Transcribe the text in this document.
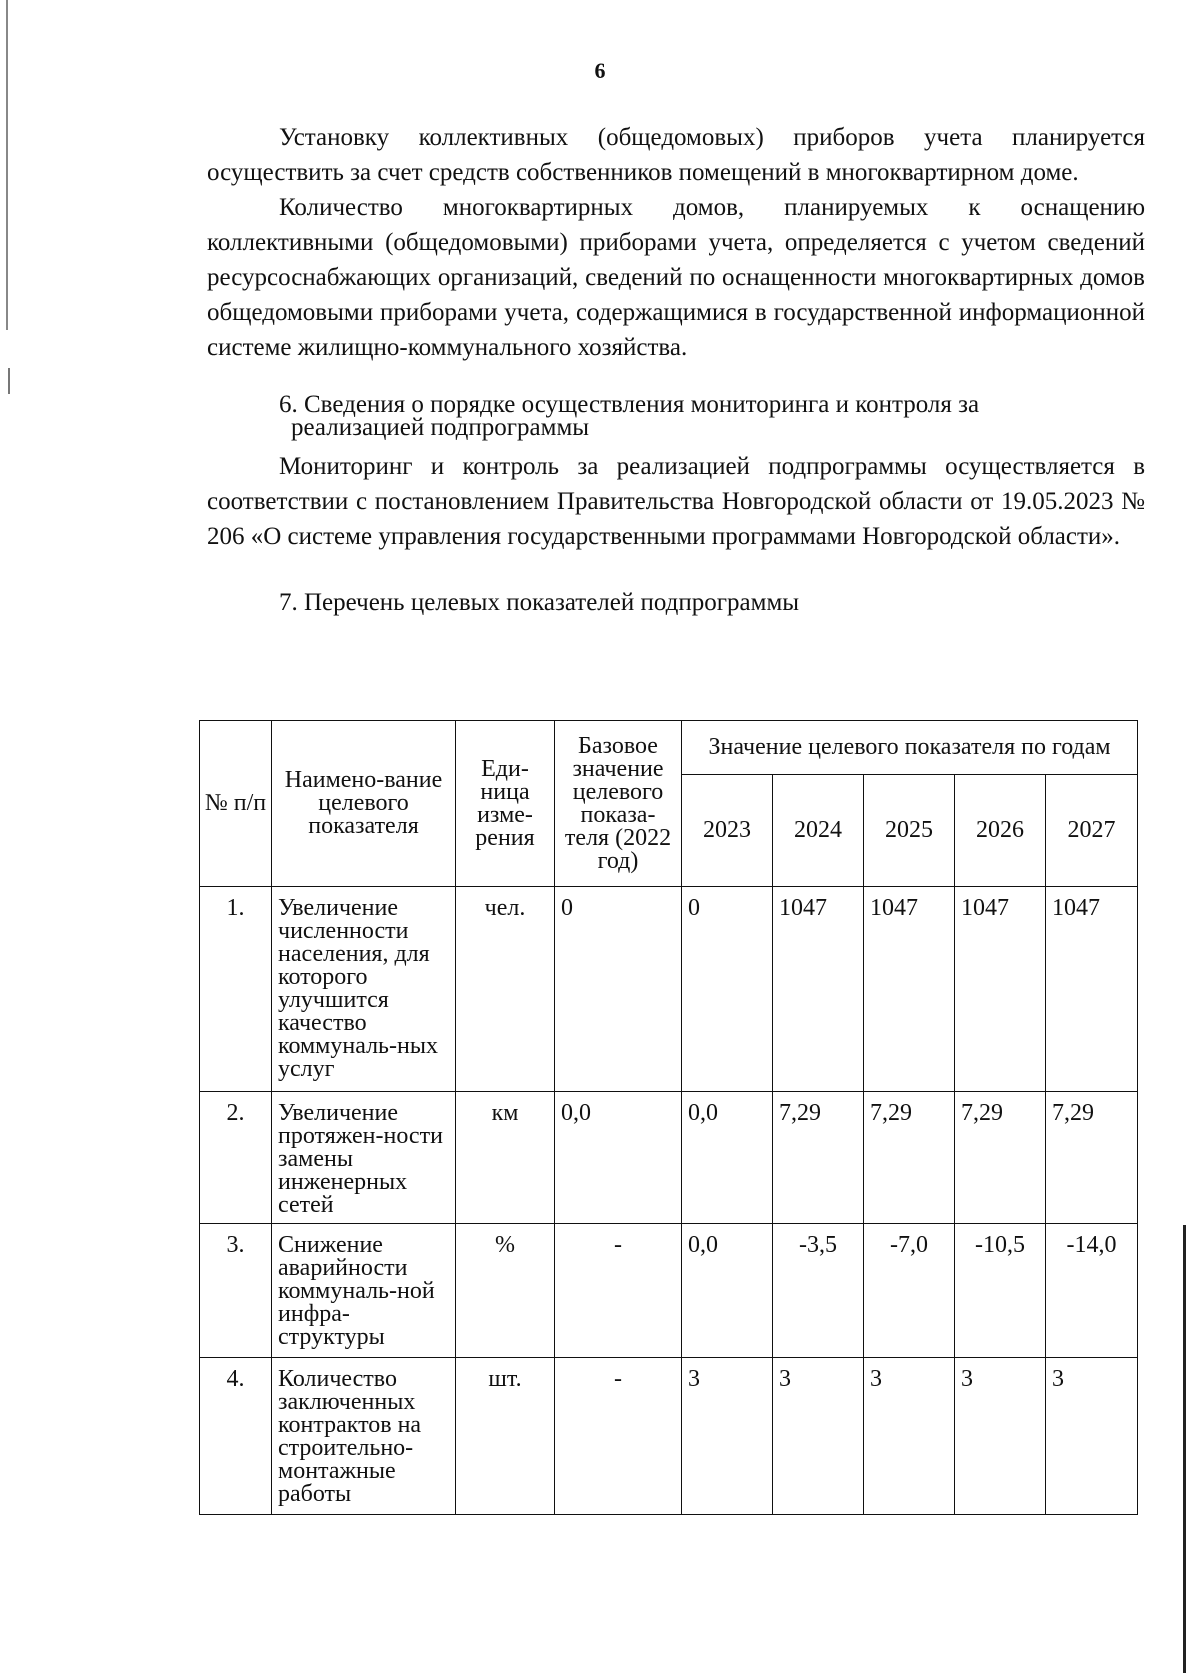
6

Установку коллективных (общедомовых) приборов учета планируется осуществить за счет средств собственников помещений в многоквартирном доме.

Количество многоквартирных домов, планируемых к оснащению коллективными (общедомовыми) приборами учета, определяется с учетом сведений ресурсоснабжающих организаций, сведений по оснащенности многоквартирных домов общедомовыми приборами учета, содержащимися в государственной информационной системе жилищно-коммунального хозяйства.

6. Сведения о порядке осуществления мониторинга и контроля за
реализацией подпрограммы

Мониторинг и контроль за реализацией подпрограммы осуществляется в соответствии с постановлением Правительства Новгородской области от 19.05.2023 № 206 «О системе управления государственными программами Новгородской области».

7. Перечень целевых показателей подпрограммы
№ п/п	Наимено-вание целевого показателя	Еди-ница изме-рения	Базовое значение целевого показа-теля (2022 год)	Значение целевого показателя по годам				
				2023	2024	2025	2026	2027
1.	Увеличение численности населения, для которого улучшится качество коммуналь-ных услуг	чел.	0	0	1047	1047	1047	1047
2.	Увеличение протяжен-ности замены инженерных сетей	км	0,0	0,0	7,29	7,29	7,29	7,29
3.	Снижение аварийности коммуналь-ной инфра-структуры	%	-	0,0	-3,5	-7,0	-10,5	-14,0
4.	Количество заключенных контрактов на строительно-монтажные работы	шт.	-	3	3	3	3	3
